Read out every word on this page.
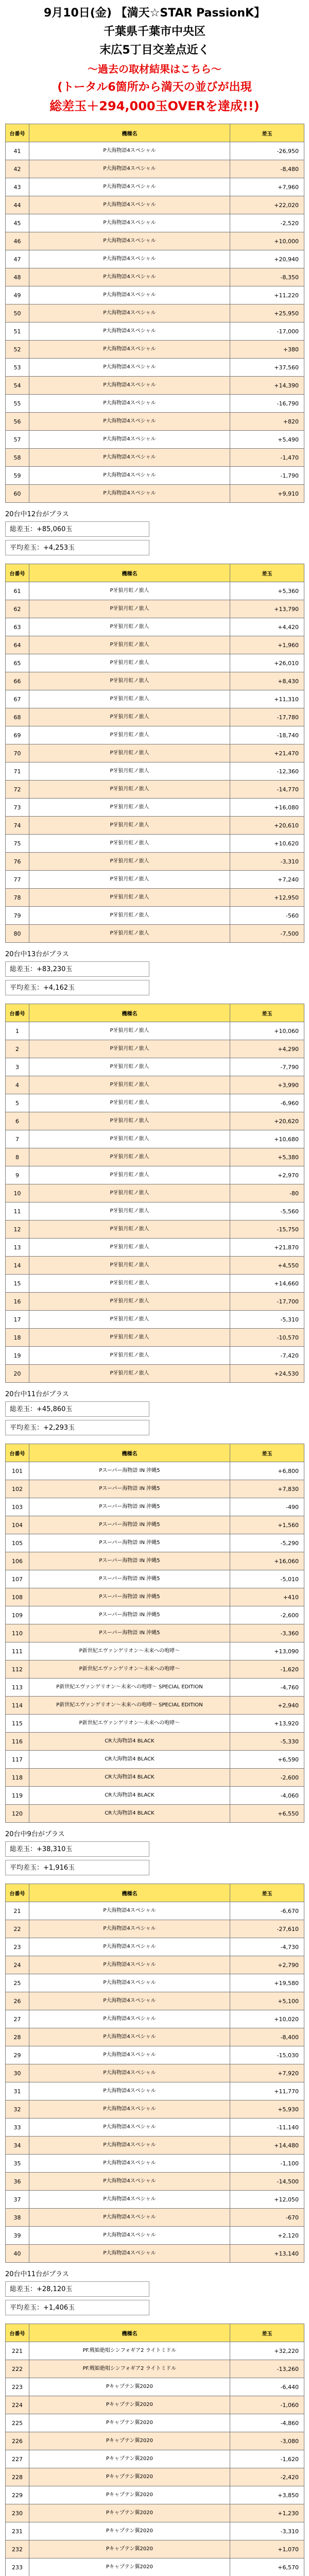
9月10日(金) 【満天☆STAR PassionK】
千葉県千葉市中央区
末広5丁目交差点近く
～過去の取材結果はこちら～
(トータル6箇所から満天の並びが出現
総差玉＋294,000玉OVERを達成!!)
台番号	機種名	差玉
41	P大海物語4スペシャル	-26,950
42	P大海物語4スペシャル	-8,480
43	P大海物語4スペシャル	+7,960
44	P大海物語4スペシャル	+22,020
45	P大海物語4スペシャル	-2,520
46	P大海物語4スペシャル	+10,000
47	P大海物語4スペシャル	+20,940
48	P大海物語4スペシャル	-8,350
49	P大海物語4スペシャル	+11,220
50	P大海物語4スペシャル	+25,950
51	P大海物語4スペシャル	-17,000
52	P大海物語4スペシャル	+380
53	P大海物語4スペシャル	+37,560
54	P大海物語4スペシャル	+14,390
55	P大海物語4スペシャル	-16,790
56	P大海物語4スペシャル	+820
57	P大海物語4スペシャル	+5,490
58	P大海物語4スペシャル	-1,470
59	P大海物語4スペシャル	-1,790
60	P大海物語4スペシャル	+9,910
20台中12台がプラス
総差玉：+85,060玉
平均差玉：+4,253玉
台番号	機種名	差玉
61	P牙狼月虹ノ旅人	+5,360
62	P牙狼月虹ノ旅人	+13,790
63	P牙狼月虹ノ旅人	+4,420
64	P牙狼月虹ノ旅人	+1,960
65	P牙狼月虹ノ旅人	+26,010
66	P牙狼月虹ノ旅人	+8,430
67	P牙狼月虹ノ旅人	+11,310
68	P牙狼月虹ノ旅人	-17,780
69	P牙狼月虹ノ旅人	-18,740
70	P牙狼月虹ノ旅人	+21,470
71	P牙狼月虹ノ旅人	-12,360
72	P牙狼月虹ノ旅人	-14,770
73	P牙狼月虹ノ旅人	+16,080
74	P牙狼月虹ノ旅人	+20,610
75	P牙狼月虹ノ旅人	+10,620
76	P牙狼月虹ノ旅人	-3,310
77	P牙狼月虹ノ旅人	+7,240
78	P牙狼月虹ノ旅人	+12,950
79	P牙狼月虹ノ旅人	-560
80	P牙狼月虹ノ旅人	-7,500
20台中13台がプラス
総差玉：+83,230玉
平均差玉：+4,162玉
台番号	機種名	差玉
1	P牙狼月虹ノ旅人	+10,060
2	P牙狼月虹ノ旅人	+4,290
3	P牙狼月虹ノ旅人	-7,790
4	P牙狼月虹ノ旅人	+3,990
5	P牙狼月虹ノ旅人	-6,960
6	P牙狼月虹ノ旅人	+20,620
7	P牙狼月虹ノ旅人	+10,680
8	P牙狼月虹ノ旅人	+5,380
9	P牙狼月虹ノ旅人	+2,970
10	P牙狼月虹ノ旅人	-80
11	P牙狼月虹ノ旅人	-5,560
12	P牙狼月虹ノ旅人	-15,750
13	P牙狼月虹ノ旅人	+21,870
14	P牙狼月虹ノ旅人	+4,550
15	P牙狼月虹ノ旅人	+14,660
16	P牙狼月虹ノ旅人	-17,700
17	P牙狼月虹ノ旅人	-5,310
18	P牙狼月虹ノ旅人	-10,570
19	P牙狼月虹ノ旅人	-7,420
20	P牙狼月虹ノ旅人	+24,530
20台中11台がプラス
総差玉：+45,860玉
平均差玉：+2,293玉
台番号	機種名	差玉
101	Pスーパー海物語 IN 沖縄5	+6,800
102	Pスーパー海物語 IN 沖縄5	+7,830
103	Pスーパー海物語 IN 沖縄5	-490
104	Pスーパー海物語 IN 沖縄5	+1,560
105	Pスーパー海物語 IN 沖縄5	-5,290
106	Pスーパー海物語 IN 沖縄5	+16,060
107	Pスーパー海物語 IN 沖縄5	-5,010
108	Pスーパー海物語 IN 沖縄5	+410
109	Pスーパー海物語 IN 沖縄5	-2,600
110	Pスーパー海物語 IN 沖縄5	-3,360
111	P新世紀エヴァンゲリオン〜未来への咆哮〜	+13,090
112	P新世紀エヴァンゲリオン〜未来への咆哮〜	-1,620
113	P新世紀エヴァンゲリオン〜未来への咆哮〜 SPECIAL EDITION	-4,760
114	P新世紀エヴァンゲリオン〜未来への咆哮〜 SPECIAL EDITION	+2,940
115	P新世紀エヴァンゲリオン〜未来への咆哮〜	+13,920
116	CR大海物語4 BLACK	-5,330
117	CR大海物語4 BLACK	+6,590
118	CR大海物語4 BLACK	-2,600
119	CR大海物語4 BLACK	-4,060
120	CR大海物語4 BLACK	+6,550
20台中9台がプラス
総差玉：+38,310玉
平均差玉：+1,916玉
台番号	機種名	差玉
21	P大海物語4スペシャル	-6,670
22	P大海物語4スペシャル	-27,610
23	P大海物語4スペシャル	-4,730
24	P大海物語4スペシャル	+2,790
25	P大海物語4スペシャル	+19,580
26	P大海物語4スペシャル	+5,100
27	P大海物語4スペシャル	+10,020
28	P大海物語4スペシャル	-8,400
29	P大海物語4スペシャル	-15,030
30	P大海物語4スペシャル	+7,920
31	P大海物語4スペシャル	+11,770
32	P大海物語4スペシャル	+5,930
33	P大海物語4スペシャル	-11,140
34	P大海物語4スペシャル	+14,480
35	P大海物語4スペシャル	-1,100
36	P大海物語4スペシャル	-14,500
37	P大海物語4スペシャル	+12,050
38	P大海物語4スペシャル	-670
39	P大海物語4スペシャル	+2,120
40	P大海物語4スペシャル	+13,140
20台中11台がプラス
総差玉：+28,120玉
平均差玉：+1,406玉
台番号	機種名	差玉
221	PF.戦姫絶唱シンフォギア2 ライトミドル	+32,220
222	PF.戦姫絶唱シンフォギア2 ライトミドル	-13,260
223	Pキャプテン翼2020	-6,440
224	Pキャプテン翼2020	-1,060
225	Pキャプテン翼2020	-4,860
226	Pキャプテン翼2020	-3,080
227	Pキャプテン翼2020	-1,620
228	Pキャプテン翼2020	-2,420
229	Pキャプテン翼2020	+3,850
230	Pキャプテン翼2020	+1,230
231	Pキャプテン翼2020	-3,310
232	Pキャプテン翼2020	+1,070
233	Pキャプテン翼2020	+6,570
